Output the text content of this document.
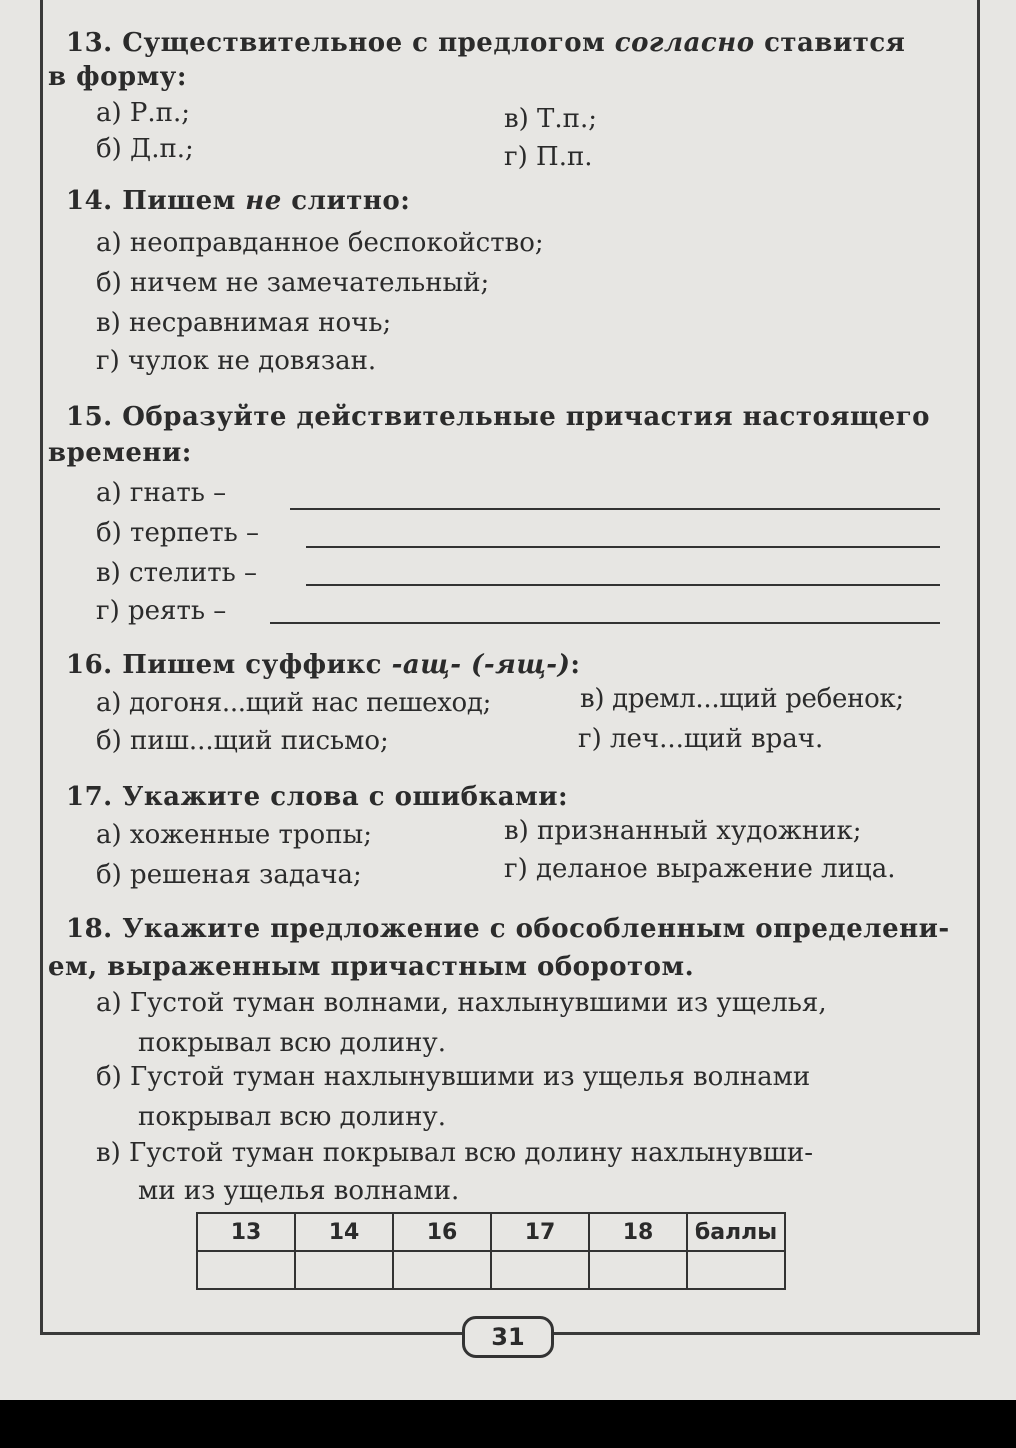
13. Существительное с предлогом согласно ставится
в форму:
а) Р.п.;
б) Д.п.;
в) Т.п.;
г) П.п.
14. Пишем не слитно:
а) неоправданное беспокойство;
б) ничем не замечательный;
в) несравнимая ночь;
г) чулок не довязан.
15. Образуйте действительные причастия настоящего
времени:
а) гнать –
б) терпеть –
в) стелить –
г) реять –
16. Пишем суффикс -ащ- (-ящ-):
а) догоня...щий нас пешеход;	в) дремл...щий ребенок;
б) пиш...щий письмо;	г) леч...щий врач.
17. Укажите слова с ошибками:
а) хоженные тропы;	в) признанный художник;
б) решеная задача;	г) деланое выражение лица.
18. Укажите предложение с обособленным определени-
ем, выраженным причастным оборотом.
а) Густой туман волнами, нахлынувшими из ущелья,
покрывал всю долину.
б) Густой туман нахлынувшими из ущелья волнами
покрывал всю долину.
в) Густой туман покрывал всю долину нахлынувши-
ми из ущелья волнами.
13	14	16	17	18	баллы

31
